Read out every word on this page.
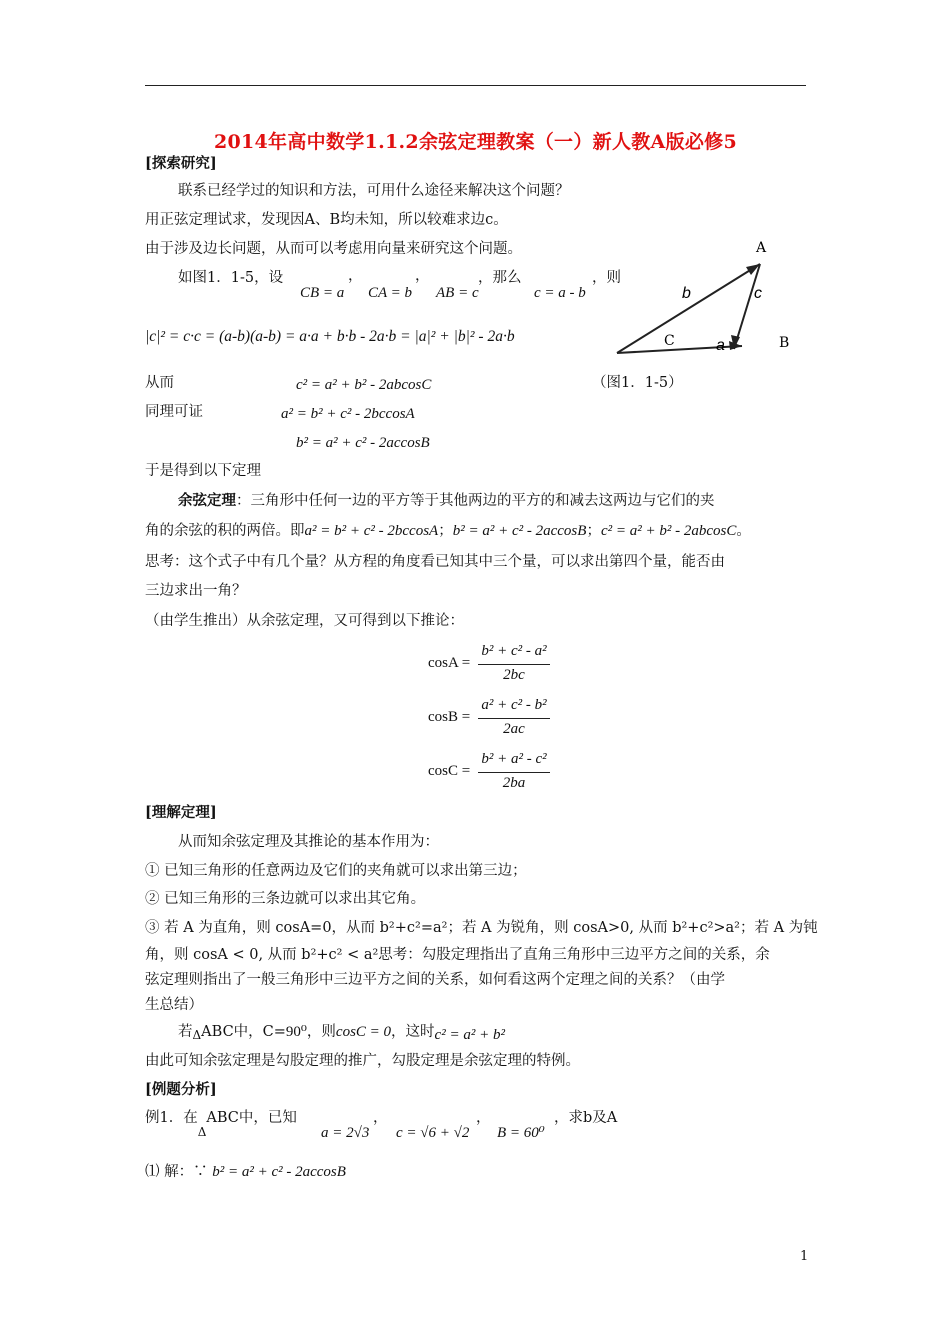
2014年高中数学1.1.2余弦定理教案（一）新人教A版必修5
[探索研究]
联系已经学过的知识和方法，可用什么途径来解决这个问题？
用正弦定理试求，发现因A、B均未知，所以较难求边c。
由于涉及边长问题，从而可以考虑用向量来研究这个问题。
如图1．1-5，设
CB = a
，
CA = b
，
AB = c
，那么
c = a - b
，则
|c|² = c·c = (a-b)(a-b) = a·a + b·b - 2a·b = |a|² + |b|² - 2a·b
从而	c² = a² + b² - 2abcosC
同理可证	a² = b² + c² - 2bccosA
b² = a² + c² - 2accosB
于是得到以下定理
余弦定理：三角形中任何一边的平方等于其他两边的平方的和减去这两边与它们的夹
角的余弦的积的两倍。即a² = b² + c² - 2bccosA；b² = a² + c² - 2accosB；c² = a² + b² - 2abcosC。
思考：这个式子中有几个量？从方程的角度看已知其中三个量，可以求出第四个量，能否由
三边求出一角？
（由学生推出）从余弦定理，又可得到以下推论：
cosA =
b² + c² - a²
2bc
cosB =
a² + c² - b²
2ac
cosC =
b² + a² - c²
2ba
[理解定理]
从而知余弦定理及其推论的基本作用为：
① 已知三角形的任意两边及它们的夹角就可以求出第三边；
② 已知三角形的三条边就可以求出其它角。
③ 若 A 为直角，则 cosA=0，从而 b²+c²=a²；若 A 为锐角，则 cosA>0, 从而 b²+c²>a²；若 A 为钝
角，则 cosA < 0, 从而 b²+c² < a²思考：勾股定理指出了直角三角形中三边平方之间的关系，余
弦定理则指出了一般三角形中三边平方之间的关系，如何看这两个定理之间的关系？（由学
生总结）
若$_\Delta$ABC中，C=90⁰，则cosC = 0，这时c² = a² + b²
由此可知余弦定理是勾股定理的推广，勾股定理是余弦定理的特例。
[例题分析]
例1．在$_\Delta$ABC中，已知
a = 2√3
，
c = √6 + √2
，
B = 60⁰
，求b及A
⑴ 解：∵ b² = a² + c² - 2accosB
A
B
C
b	c
a
（图1．1-5）
1
